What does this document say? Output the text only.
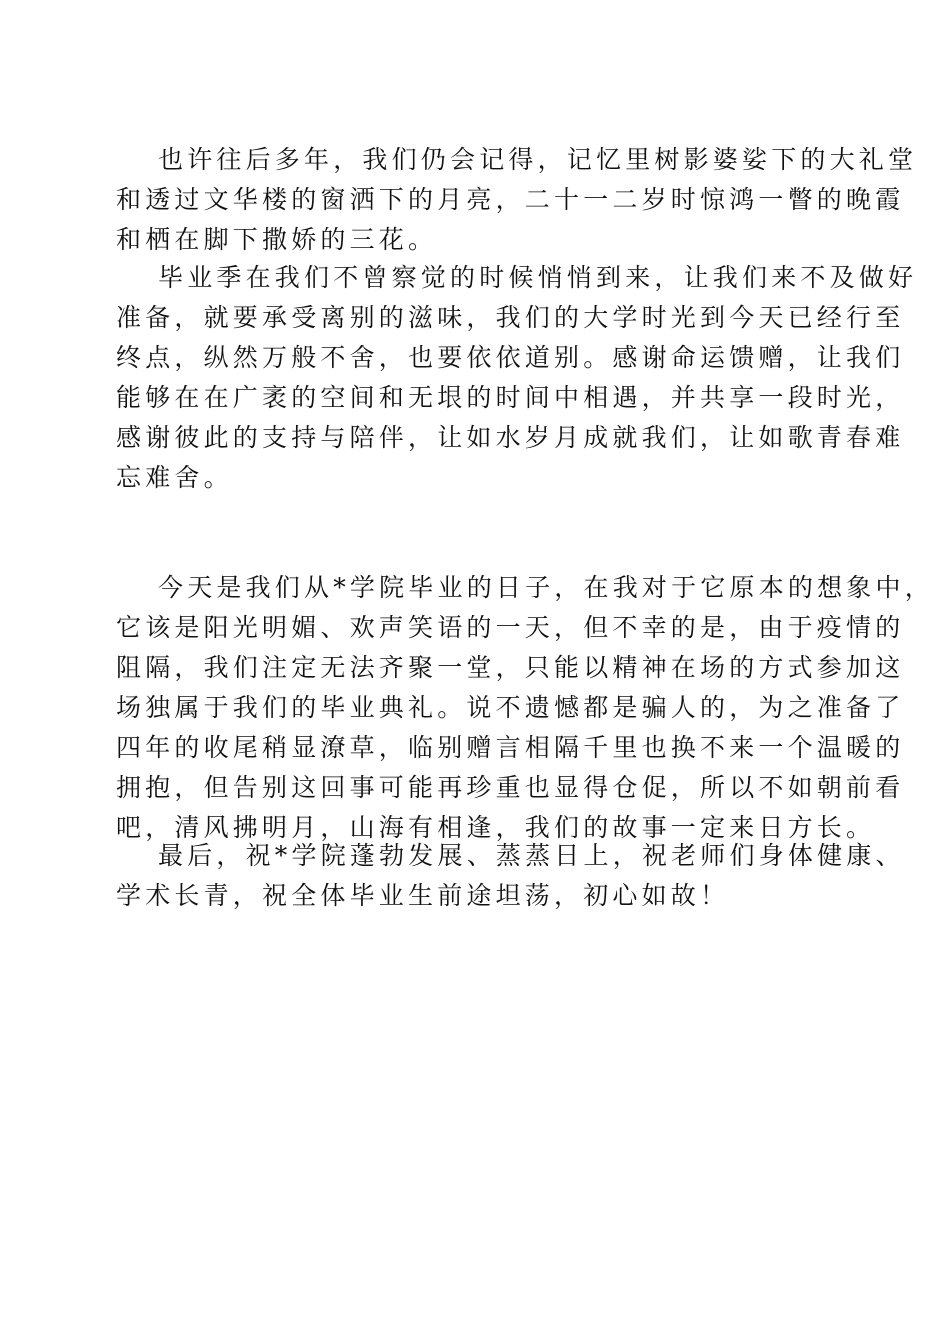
也许往后多年，我们仍会记得，记忆里树影婆娑下的大礼堂
和透过文华楼的窗洒下的月亮，二十一二岁时惊鸿一瞥的晚霞
和栖在脚下撒娇的三花。
毕业季在我们不曾察觉的时候悄悄到来，让我们来不及做好
准备，就要承受离别的滋味，我们的大学时光到今天已经行至
终点，纵然万般不舍，也要依依道别。感谢命运馈赠，让我们
能够在在广袤的空间和无垠的时间中相遇，并共享一段时光，
感谢彼此的支持与陪伴，让如水岁月成就我们，让如歌青春难
忘难舍。
今天是我们从*学院毕业的日子，在我对于它原本的想象中，
它该是阳光明媚、欢声笑语的一天，但不幸的是，由于疫情的
阻隔，我们注定无法齐聚一堂，只能以精神在场的方式参加这
场独属于我们的毕业典礼。说不遗憾都是骗人的，为之准备了
四年的收尾稍显潦草，临别赠言相隔千里也换不来一个温暖的
拥抱，但告别这回事可能再珍重也显得仓促，所以不如朝前看
吧，清风拂明月，山海有相逢，我们的故事一定来日方长。
最后，祝*学院蓬勃发展、蒸蒸日上，祝老师们身体健康、
学术长青，祝全体毕业生前途坦荡，初心如故！
